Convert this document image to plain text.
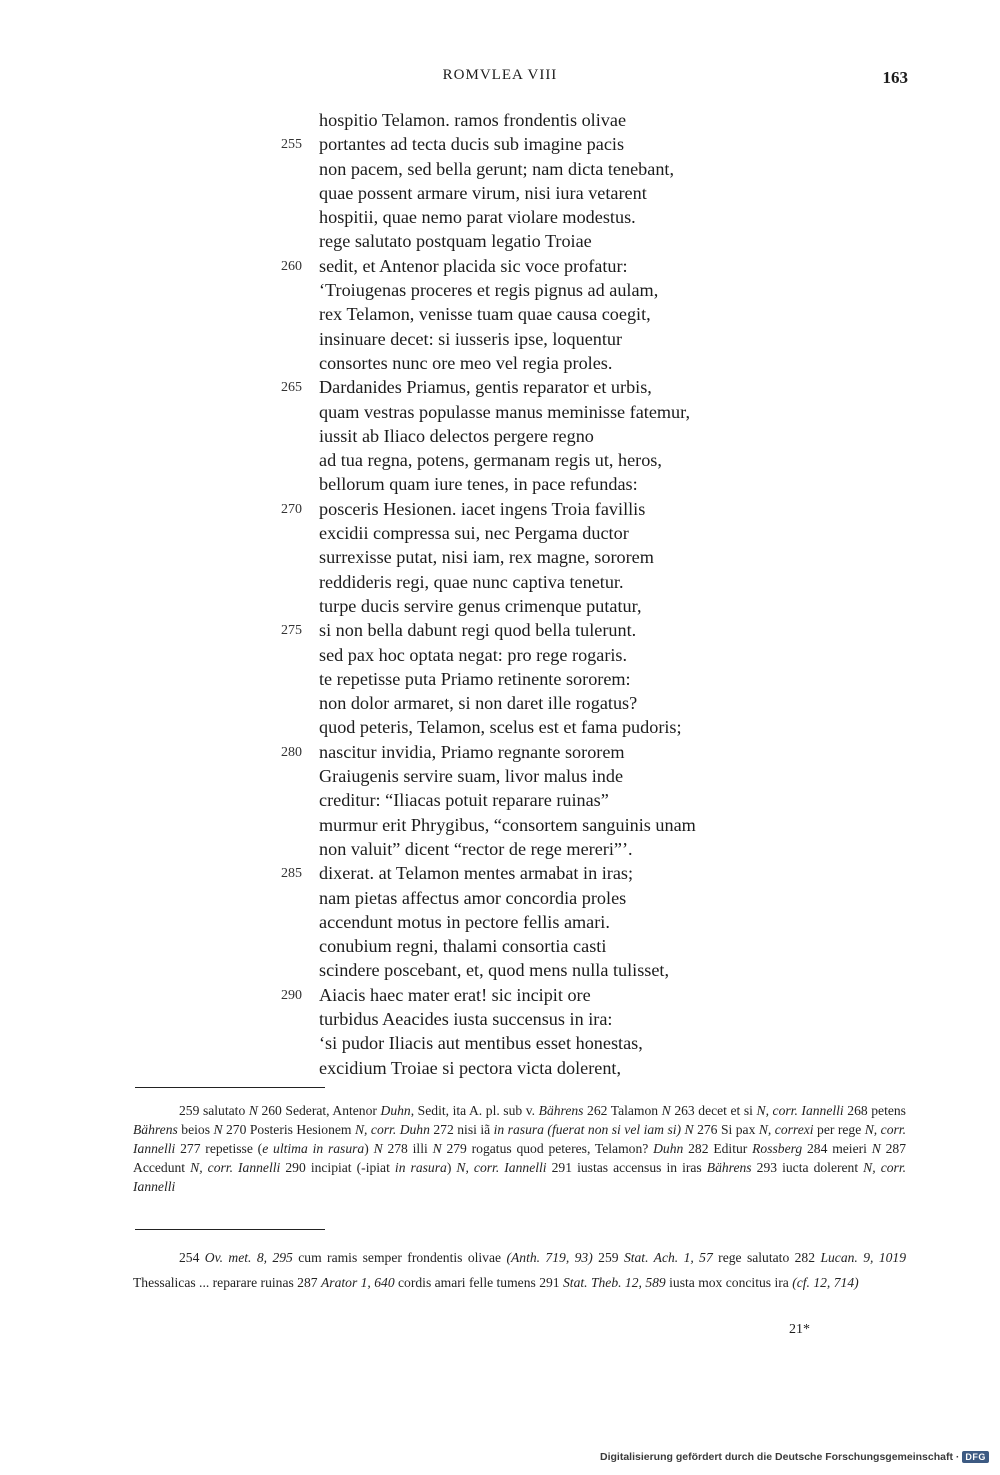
ROMVLEA VIII	163
hospitio Telamon. ramos frondentis olivae
255 portantes ad tecta ducis sub imagine pacis
non pacem, sed bella gerunt; nam dicta tenebant,
quae possent armare virum, nisi iura vetarent
hospitii, quae nemo parat violare modestus.
rege salutato postquam legatio Troiae
260 sedit, et Antenor placida sic voce profatur:
‘Troiugenas proceres et regis pignus ad aulam,
rex Telamon, venisse tuam quae causa coegit,
insinuare decet: si iusseris ipse, loquentur
consortes nunc ore meo vel regia proles.
265 Dardanides Priamus, gentis reparator et urbis,
quam vestras populasse manus meminisse fatemur,
iussit ab Iliaco delectos pergere regno
ad tua regna, potens, germanam regis ut, heros,
bellorum quam iure tenes, in pace refundas:
270 posceris Hesionen. iacet ingens Troia favillis
excidii compressa sui, nec Pergama ductor
surrexisse putat, nisi iam, rex magne, sororem
reddideris regi, quae nunc captiva tenetur.
turpe ducis servire genus crimenque putatur,
275 si non bella dabunt regi quod bella tulerunt.
sed pax hoc optata negat: pro rege rogaris.
te repetisse puta Priamo retinente sororem:
non dolor armaret, si non daret ille rogatus?
quod peteris, Telamon, scelus est et fama pudoris;
280 nascitur invidia, Priamo regnante sororem
Graiugenis servire suam, livor malus inde
creditur: “Iliacas potuit reparare ruinas”
murmur erit Phrygibus, “consortem sanguinis unam
non valuit” dicent “rector de rege mereri”’.
285 dixerat. at Telamon mentes armabat in iras;
nam pietas affectus amor concordia proles
accendunt motus in pectore fellis amari.
conubium regni, thalami consortia casti
scindere poscebant, et, quod mens nulla tulisset,
290 Aiacis haec mater erat! sic incipit ore
turbidus Aeacides iusta succensus in ira:
‘si pudor Iliacis aut mentibus esset honestas,
excidium Troiae si pectora victa dolerent,

259 salutato N 260 Sederat, Antenor Duhn, Sedit, ita A. pl. sub v. Bährens 262 Talamon N 263 decet et si N, corr. Iannelli 268 petens Bährens beios N 270 Posteris Hesionem N, corr. Duhn 272 nisi iã in rasura (fuerat non si vel iam si) N 276 Si pax N, correxi per rege N, corr. Iannelli 277 repetisse (e ultima in rasura) N 278 illi N 279 rogatus quod peteres, Telamon? Duhn 282 Editur Rossberg 284 meieri N 287 Accedunt N, corr. Iannelli 290 incipiat (-ipiat in rasura) N, corr. Iannelli 291 iustas accensus in iras Bährens 293 iucta dolerent N, corr. Iannelli

254 Ov. met. 8, 295 cum ramis semper frondentis olivae (Anth. 719, 93) 259 Stat. Ach. 1, 57 rege salutato 282 Lucan. 9, 1019 Thessalicas ... reparare ruinas 287 Arator 1, 640 cordis amari felle tumens 291 Stat. Theb. 12, 589 iusta mox concitus ira (cf. 12, 714)

21*
Digitalisierung gefördert durch die Deutsche Forschungsgemeinschaft · DFG
